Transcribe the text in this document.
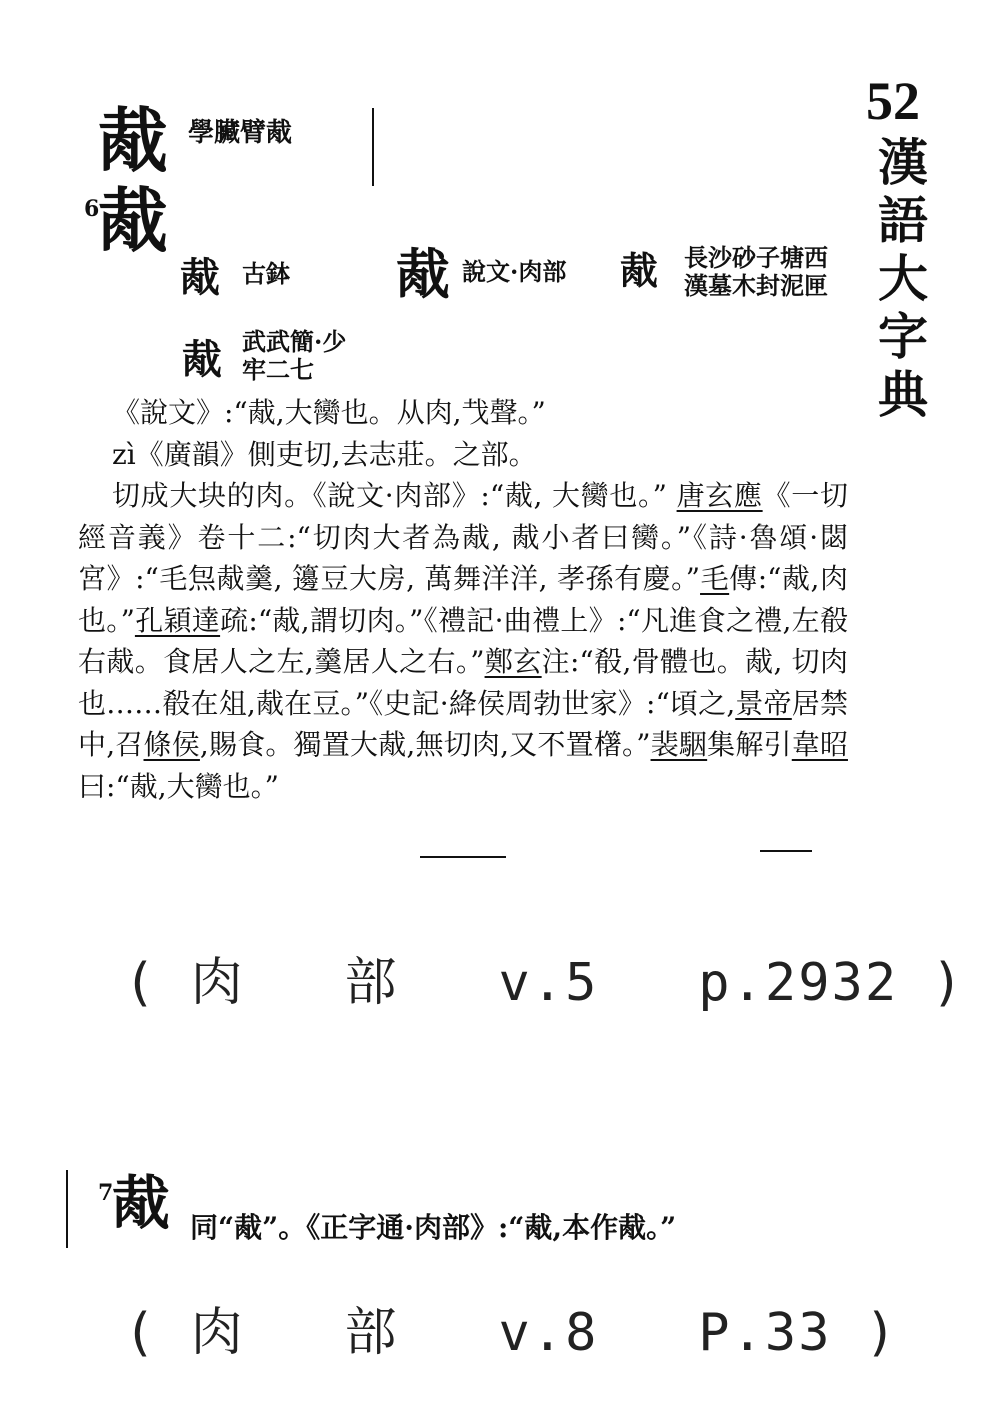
胾
6
胾
學臟臂胾
52
漢
語
大
字
典
胾 古鉢 胾 說文·肉部 胾 長沙砂子塘西
漢墓木封泥匣
胾 武武簡·少
牢二七

《說文》:“胾,大臠也。从肉,𢦏聲。”

zì《廣韻》側吏切,去志莊。之部。

切成大块的肉。《說文·肉部》:“胾, 大臠也。” 唐玄應《一切經音義》卷十二:“切肉大者為胾, 胾小者曰臠。”《詩·魯頌·閟宮》:“毛炰胾羹, 籩豆大房, 萬舞洋洋, 孝孫有慶。”毛傳:“胾,肉也。”孔穎達疏:“胾,謂切肉。”《禮記·曲禮上》:“凡進食之禮,左殽右胾。食居人之左,羹居人之右。”鄭玄注:“殽,骨體也。胾, 切肉也……殽在俎,胾在豆。”《史記·絳侯周勃世家》:“頃之,景帝居禁中,召條侯,賜食。獨置大胾,無切肉,又不置櫡。”裴駰集解引韋昭曰:“胾,大臠也。”

( 肉   部   v.5   p.2932 )
7
胾 同“胾”。《正字通·肉部》:“胾,本作胾。”
( 肉   部   v.8   P.33 )
